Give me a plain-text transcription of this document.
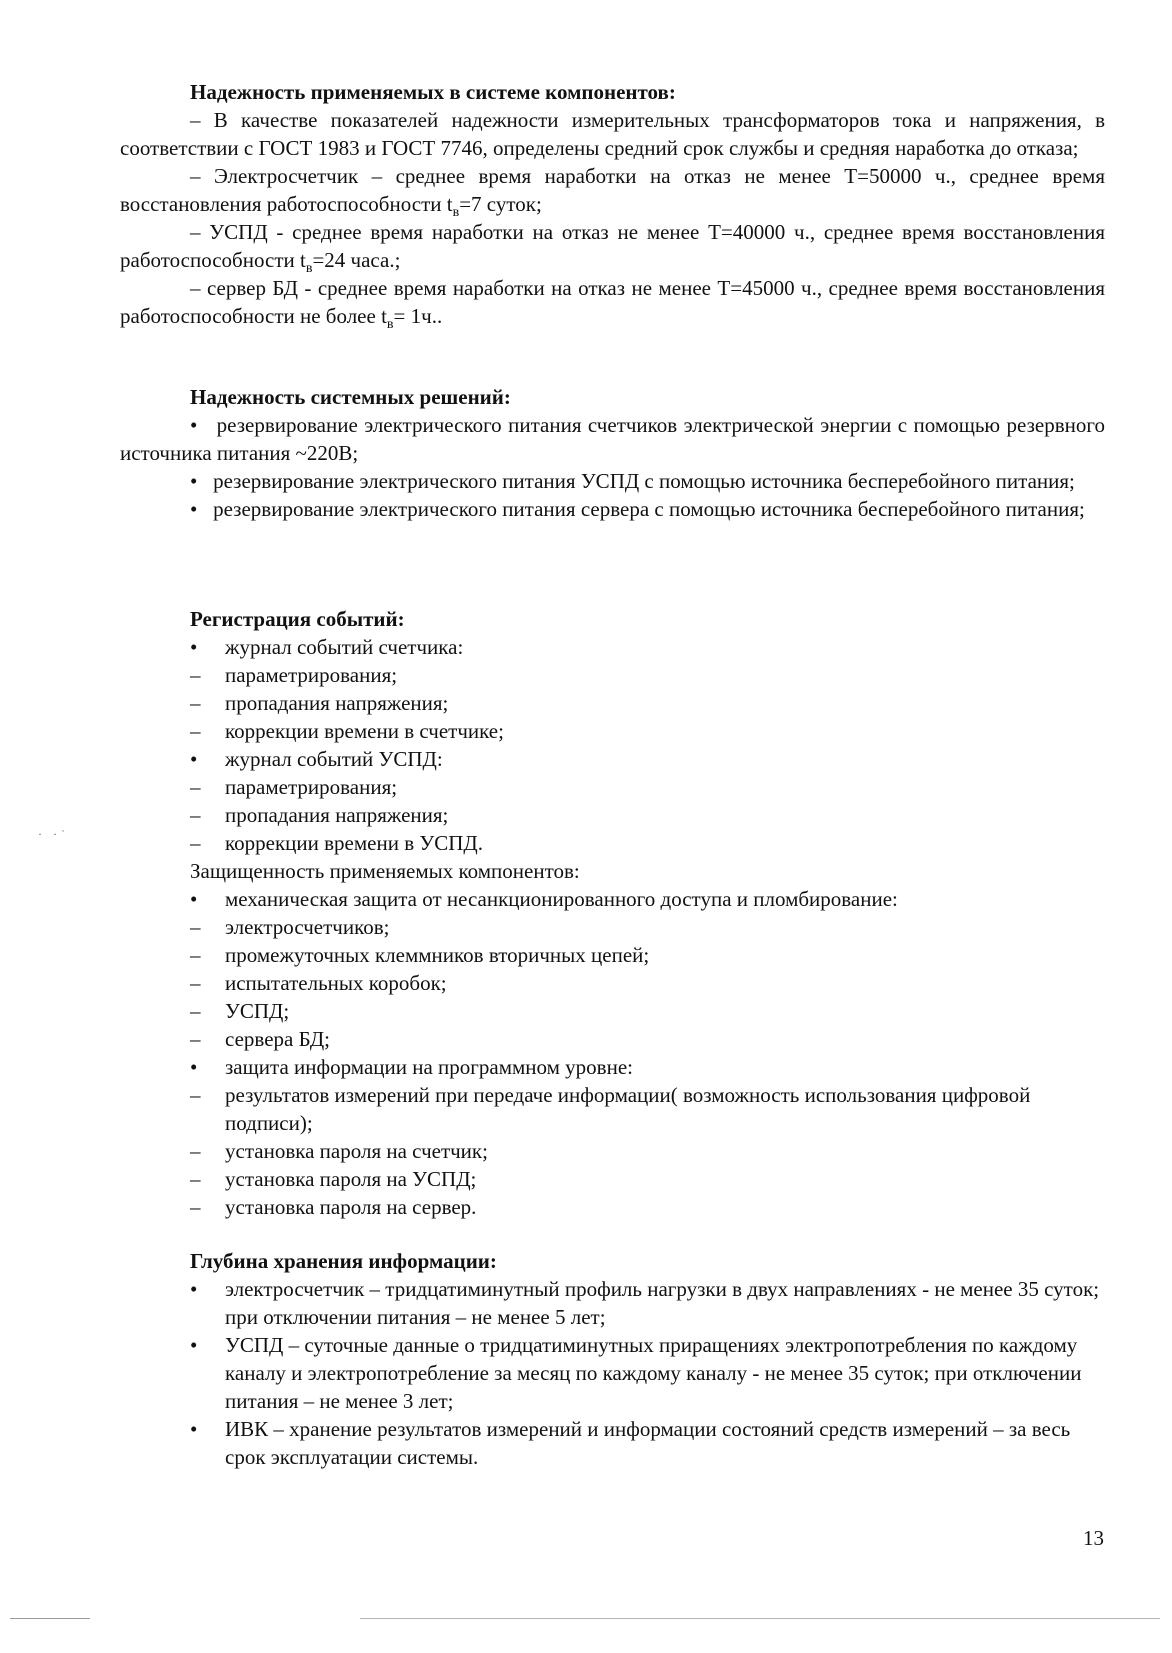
Надежность применяемых в системе компонентов:
– В качестве показателей надежности измерительных трансформаторов тока и напряжения, в соответствии с ГОСТ 1983 и ГОСТ 7746, определены средний срок службы и средняя наработка до отказа;
– Электросчетчик – среднее время наработки на отказ не менее Т=50000 ч., среднее время восстановления работоспособности $t_в=7$ суток;
– УСПД - среднее время наработки на отказ не менее Т=40000 ч., среднее время восстановления работоспособности $t_в=24$ часа.;
– сервер БД - среднее время наработки на отказ не менее Т=45000 ч., среднее время восстановления работоспособности не более $t_в= 1ч$..
Надежность системных решений:
• резервирование электрического питания счетчиков электрической энергии с помощью резервного источника питания ~220В;
• резервирование электрического питания УСПД с помощью источника бесперебойного питания;
• резервирование электрического питания сервера с помощью источника бесперебойного питания;
Регистрация событий:
•	журнал событий счетчика:
–	параметрирования;
–	пропадания напряжения;
–	коррекции времени в счетчике;
•	журнал событий УСПД:
–	параметрирования;
–	пропадания напряжения;
–	коррекции времени в УСПД.
Защищенность применяемых компонентов:
•	механическая защита от несанкционированного доступа и пломбирование:
–	электросчетчиков;
–	промежуточных клеммников вторичных цепей;
–	испытательных коробок;
–	УСПД;
–	сервера БД;
•	защита информации на программном уровне:
–	результатов измерений при передаче информации( возможность использования цифровой подписи);
–	установка пароля на счетчик;
–	установка пароля на УСПД;
–	установка пароля на сервер.
Глубина хранения информации:
•	электросчетчик – тридцатиминутный профиль нагрузки в двух направлениях - не менее 35 суток; при отключении питания – не менее 5 лет;
•	УСПД – суточные данные о тридцатиминутных приращениях электропотребления по каждому каналу и электропотребление за месяц по каждому каналу - не менее 35 суток; при отключении питания – не менее 3 лет;
•	ИВК – хранение результатов измерений и информации состояний средств измерений – за весь срок эксплуатации системы.
13
· ·˙
